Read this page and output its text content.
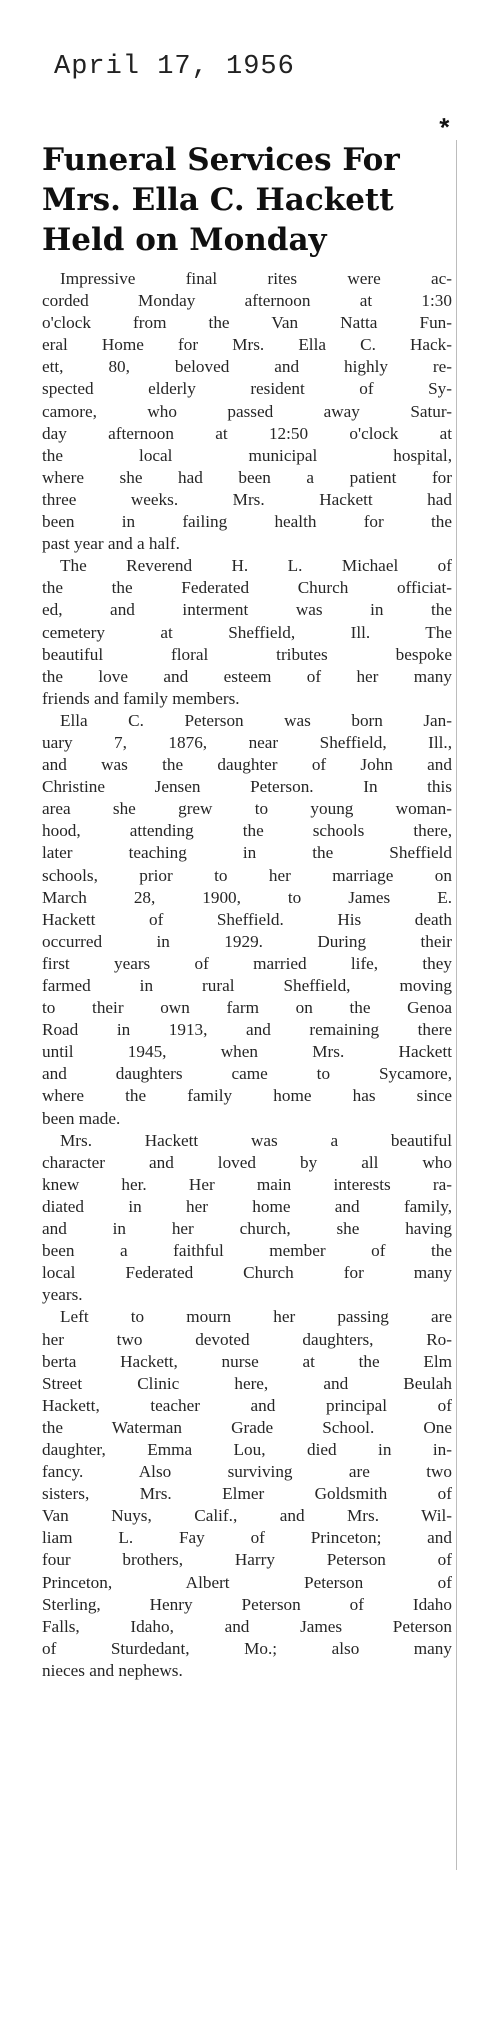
April 17, 1956
*
Funeral Services For
Mrs. Ella C. Hackett
Held on Monday

Impressive final rites were ac-
corded Monday afternoon at 1:30
o'clock from the Van Natta Fun-
eral Home for Mrs. Ella C. Hack-
ett, 80, beloved and highly re-
spected elderly resident of Sy-
camore, who passed away Satur-
day afternoon at 12:50 o'clock at
the local municipal hospital,
where she had been a patient for
three weeks. Mrs. Hackett had
been in failing health for the
past year and a half.

The Reverend H. L. Michael of
the the Federated Church officiat-
ed, and interment was in the
cemetery at Sheffield, Ill. The
beautiful floral tributes bespoke
the love and esteem of her many
friends and family members.

Ella C. Peterson was born Jan-
uary 7, 1876, near Sheffield, Ill.,
and was the daughter of John and
Christine Jensen Peterson. In this
area she grew to young woman-
hood, attending the schools there,
later teaching in the Sheffield
schools, prior to her marriage on
March 28, 1900, to James E.
Hackett of Sheffield. His death
occurred in 1929. During their
first years of married life, they
farmed in rural Sheffield, moving
to their own farm on the Genoa
Road in 1913, and remaining there
until 1945, when Mrs. Hackett
and daughters came to Sycamore,
where the family home has since
been made.

Mrs. Hackett was a beautiful
character and loved by all who
knew her. Her main interests ra-
diated in her home and family,
and in her church, she having
been a faithful member of the
local Federated Church for many
years.

Left to mourn her passing are
her two devoted daughters, Ro-
berta Hackett, nurse at the Elm
Street Clinic here, and Beulah
Hackett, teacher and principal of
the Waterman Grade School. One
daughter, Emma Lou, died in in-
fancy. Also surviving are two
sisters, Mrs. Elmer Goldsmith of
Van Nuys, Calif., and Mrs. Wil-
liam L. Fay of Princeton; and
four brothers, Harry Peterson of
Princeton, Albert Peterson of
Sterling, Henry Peterson of Idaho
Falls, Idaho, and James Peterson
of Sturdedant, Mo.; also many
nieces and nephews.
